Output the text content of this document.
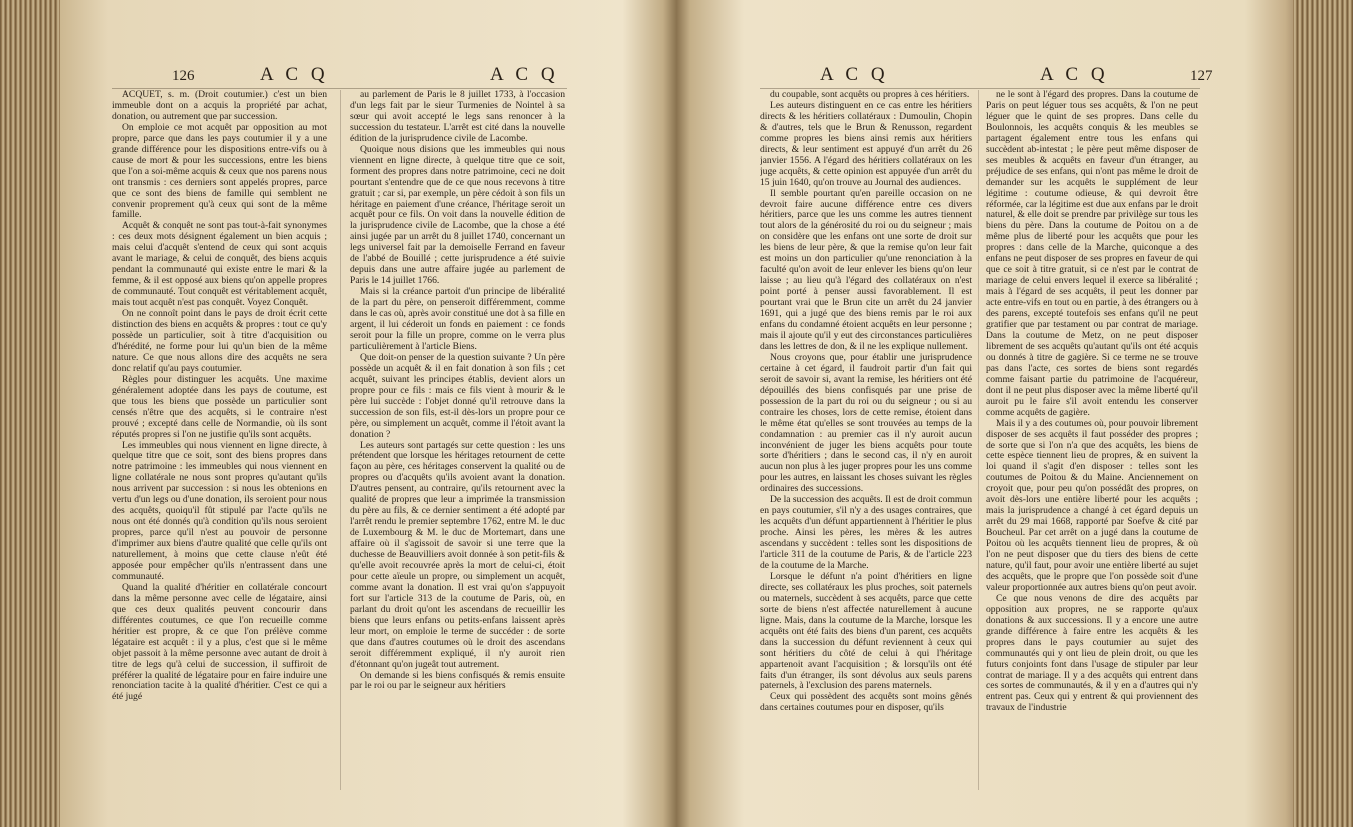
126	A C Q	A C Q

ACQUÊT, s. m. (Droit coutumier.) c'est un bien immeuble dont on a acquis la propriété par achat, donation, ou autrement que par succession.

On emploie ce mot acquêt par opposition au mot propre, parce que dans les pays coutumier il y a une grande différence pour les dispositions entre-vifs ou à cause de mort & pour les successions, entre les biens que l'on a soi-même acquis & ceux que nos parens nous ont transmis : ces derniers sont appelés propres, parce que ce sont des biens de famille qui semblent ne convenir proprement qu'à ceux qui sont de la même famille.

Acquêt & conquêt ne sont pas tout-à-fait synonymes : ces deux mots désignent également un bien acquis ; mais celui d'acquêt s'entend de ceux qui sont acquis avant le mariage, & celui de conquêt, des biens acquis pendant la communauté qui existe entre le mari & la femme, & il est opposé aux biens qu'on appelle propres de communauté. Tout conquêt est véritablement acquêt, mais tout acquêt n'est pas conquêt. Voyez Conquêt.

On ne connoît point dans le pays de droit écrit cette distinction des biens en acquêts & propres : tout ce qu'y possède un particulier, soit à titre d'acquisition ou d'hérédité, ne forme pour lui qu'un bien de la même nature. Ce que nous allons dire des acquêts ne sera donc relatif qu'au pays coutumier.

Règles pour distinguer les acquêts. Une maxime généralement adoptée dans les pays de coutume, est que tous les biens que possède un particulier sont censés n'être que des acquêts, si le contraire n'est prouvé ; excepté dans celle de Normandie, où ils sont réputés propres si l'on ne justifie qu'ils sont acquêts.

Les immeubles qui nous viennent en ligne directe, à quelque titre que ce soit, sont des biens propres dans notre patrimoine : les immeubles qui nous viennent en ligne collatérale ne nous sont propres qu'autant qu'ils nous arrivent par succession : si nous les obtenions en vertu d'un legs ou d'une donation, ils seroient pour nous des acquêts, quoiqu'il fût stipulé par l'acte qu'ils ne nous ont été donnés qu'à condition qu'ils nous seroient propres, parce qu'il n'est au pouvoir de personne d'imprimer aux biens d'autre qualité que celle qu'ils ont naturellement, à moins que cette clause n'eût été apposée pour empêcher qu'ils n'entrassent dans une communauté.

Quand la qualité d'héritier en collatérale concourt dans la même personne avec celle de légataire, ainsi que ces deux qualités peuvent concourir dans différentes coutumes, ce que l'on recueille comme héritier est propre, & ce que l'on prélève comme légataire est acquêt : il y a plus, c'est que si le même objet passoit à la même personne avec autant de droit à titre de legs qu'à celui de succession, il suffiroit de préférer la qualité de légataire pour en faire induire une renonciation tacite à la qualité d'héritier. C'est ce qui a été jugé

au parlement de Paris le 8 juillet 1733, à l'occasion d'un legs fait par le sieur Turmenies de Nointel à sa sœur qui avoit accepté le legs sans renoncer à la succession du testateur. L'arrêt est cité dans la nouvelle édition de la jurisprudence civile de Lacombe.

Quoique nous disions que les immeubles qui nous viennent en ligne directe, à quelque titre que ce soit, forment des propres dans notre patrimoine, ceci ne doit pourtant s'entendre que de ce que nous recevons à titre gratuit ; car si, par exemple, un père cédoit à son fils un héritage en paiement d'une créance, l'héritage seroit un acquêt pour ce fils. On voit dans la nouvelle édition de la jurisprudence civile de Lacombe, que la chose a été ainsi jugée par un arrêt du 8 juillet 1740, concernant un legs universel fait par la demoiselle Ferrand en faveur de l'abbé de Bouillé ; cette jurisprudence a été suivie depuis dans une autre affaire jugée au parlement de Paris le 14 juillet 1766.

Mais si la créance partoit d'un principe de libéralité de la part du père, on penseroit différemment, comme dans le cas où, après avoir constitué une dot à sa fille en argent, il lui céderoit un fonds en paiement : ce fonds seroit pour la fille un propre, comme on le verra plus particulièrement à l'article Biens.

Que doit-on penser de la question suivante ? Un père possède un acquêt & il en fait donation à son fils ; cet acquêt, suivant les principes établis, devient alors un propre pour ce fils : mais ce fils vient à mourir & le père lui succède : l'objet donné qu'il retrouve dans la succession de son fils, est-il dès-lors un propre pour ce père, ou simplement un acquêt, comme il l'étoit avant la donation ?

Les auteurs sont partagés sur cette question : les uns prétendent que lorsque les héritages retournent de cette façon au père, ces héritages conservent la qualité ou de propres ou d'acquêts qu'ils avoient avant la donation. D'autres pensent, au contraire, qu'ils retournent avec la qualité de propres que leur a imprimée la transmission du père au fils, & ce dernier sentiment a été adopté par l'arrêt rendu le premier septembre 1762, entre M. le duc de Luxembourg & M. le duc de Mortemart, dans une affaire où il s'agissoit de savoir si une terre que la duchesse de Beauvilliers avoit donnée à son petit-fils & qu'elle avoit recouvrée après la mort de celui-ci, étoit pour cette aïeule un propre, ou simplement un acquêt, comme avant la donation. Il est vrai qu'on s'appuyoit fort sur l'article 313 de la coutume de Paris, où, en parlant du droit qu'ont les ascendans de recueillir les biens que leurs enfans ou petits-enfans laissent après leur mort, on emploie le terme de succéder : de sorte que dans d'autres coutumes où le droit des ascendans seroit différemment expliqué, il n'y auroit rien d'étonnant qu'on jugeât tout autrement.

On demande si les biens confisqués & remis ensuite par le roi ou par le seigneur aux héritiers

A C Q	A C Q	127

du coupable, sont acquêts ou propres à ces héritiers.

Les auteurs distinguent en ce cas entre les héritiers directs & les héritiers collatéraux : Dumoulin, Chopin & d'autres, tels que le Brun & Renusson, regardent comme propres les biens ainsi remis aux héritiers directs, & leur sentiment est appuyé d'un arrêt du 26 janvier 1556. A l'égard des héritiers collatéraux on les juge acquêts, & cette opinion est appuyée d'un arrêt du 15 juin 1640, qu'on trouve au Journal des audiences.

Il semble pourtant qu'en pareille occasion on ne devroit faire aucune différence entre ces divers héritiers, parce que les uns comme les autres tiennent tout alors de la générosité du roi ou du seigneur ; mais on considère que les enfans ont une sorte de droit sur les biens de leur père, & que la remise qu'on leur fait est moins un don particulier qu'une renonciation à la faculté qu'on avoit de leur enlever les biens qu'on leur laisse ; au lieu qu'à l'égard des collatéraux on n'est point porté à penser aussi favorablement. Il est pourtant vrai que le Brun cite un arrêt du 24 janvier 1691, qui a jugé que des biens remis par le roi aux enfans du condamné étoient acquêts en leur personne ; mais il ajoute qu'il y eut des circonstances particulières dans les lettres de don, & il ne les explique nullement.

Nous croyons que, pour établir une jurisprudence certaine à cet égard, il faudroit partir d'un fait qui seroit de savoir si, avant la remise, les héritiers ont été dépouillés des biens confisqués par une prise de possession de la part du roi ou du seigneur ; ou si au contraire les choses, lors de cette remise, étoient dans le même état qu'elles se sont trouvées au temps de la condamnation : au premier cas il n'y auroit aucun inconvénient de juger les biens acquêts pour toute sorte d'héritiers ; dans le second cas, il n'y en auroit aucun non plus à les juger propres pour les uns comme pour les autres, en laissant les choses suivant les règles ordinaires des successions.

De la succession des acquêts. Il est de droit commun en pays coutumier, s'il n'y a des usages contraires, que les acquêts d'un défunt appartiennent à l'héritier le plus proche. Ainsi les pères, les mères & les autres ascendans y succèdent : telles sont les dispositions de l'article 311 de la coutume de Paris, & de l'article 223 de la coutume de la Marche.

Lorsque le défunt n'a point d'héritiers en ligne directe, ses collatéraux les plus proches, soit paternels ou maternels, succèdent à ses acquêts, parce que cette sorte de biens n'est affectée naturellement à aucune ligne. Mais, dans la coutume de la Marche, lorsque les acquêts ont été faits des biens d'un parent, ces acquêts dans la succession du défunt reviennent à ceux qui sont héritiers du côté de celui à qui l'héritage appartenoit avant l'acquisition ; & lorsqu'ils ont été faits d'un étranger, ils sont dévolus aux seuls parens paternels, à l'exclusion des parens maternels.

Ceux qui possèdent des acquêts sont moins gênés dans certaines coutumes pour en disposer, qu'ils

ne le sont à l'égard des propres. Dans la coutume de Paris on peut léguer tous ses acquêts, & l'on ne peut léguer que le quint de ses propres. Dans celle du Boulonnois, les acquêts conquis & les meubles se partagent également entre tous les enfans qui succèdent ab-intestat ; le père peut même disposer de ses meubles & acquêts en faveur d'un étranger, au préjudice de ses enfans, qui n'ont pas même le droit de demander sur les acquêts le supplément de leur légitime : coutume odieuse, & qui devroit être réformée, car la légitime est due aux enfans par le droit naturel, & elle doit se prendre par privilège sur tous les biens du père. Dans la coutume de Poitou on a de même plus de liberté pour les acquêts que pour les propres : dans celle de la Marche, quiconque a des enfans ne peut disposer de ses propres en faveur de qui que ce soit à titre gratuit, si ce n'est par le contrat de mariage de celui envers lequel il exerce sa libéralité ; mais à l'égard de ses acquêts, il peut les donner par acte entre-vifs en tout ou en partie, à des étrangers ou à des parens, excepté toutefois ses enfans qu'il ne peut gratifier que par testament ou par contrat de mariage. Dans la coutume de Metz, on ne peut disposer librement de ses acquêts qu'autant qu'ils ont été acquis ou donnés à titre de gagière. Si ce terme ne se trouve pas dans l'acte, ces sortes de biens sont regardés comme faisant partie du patrimoine de l'acquéreur, dont il ne peut plus disposer avec la même liberté qu'il auroit pu le faire s'il avoit entendu les conserver comme acquêts de gagière.

Mais il y a des coutumes où, pour pouvoir librement disposer de ses acquêts il faut posséder des propres ; de sorte que si l'on n'a que des acquêts, les biens de cette espèce tiennent lieu de propres, & en suivent la loi quand il s'agit d'en disposer : telles sont les coutumes de Poitou & du Maine. Anciennement on croyoit que, pour peu qu'on possédât des propres, on avoit dès-lors une entière liberté pour les acquêts ; mais la jurisprudence a changé à cet égard depuis un arrêt du 29 mai 1668, rapporté par Soefve & cité par Boucheul. Par cet arrêt on a jugé dans la coutume de Poitou où les acquêts tiennent lieu de propres, & où l'on ne peut disposer que du tiers des biens de cette nature, qu'il faut, pour avoir une entière liberté au sujet des acquêts, que le propre que l'on possède soit d'une valeur proportionnée aux autres biens qu'on peut avoir.

Ce que nous venons de dire des acquêts par opposition aux propres, ne se rapporte qu'aux donations & aux successions. Il y a encore une autre grande différence à faire entre les acquêts & les propres dans le pays coutumier au sujet des communautés qui y ont lieu de plein droit, ou que les futurs conjoints font dans l'usage de stipuler par leur contrat de mariage. Il y a des acquêts qui entrent dans ces sortes de communautés, & il y en a d'autres qui n'y entrent pas. Ceux qui y entrent & qui proviennent des travaux de l'industrie
